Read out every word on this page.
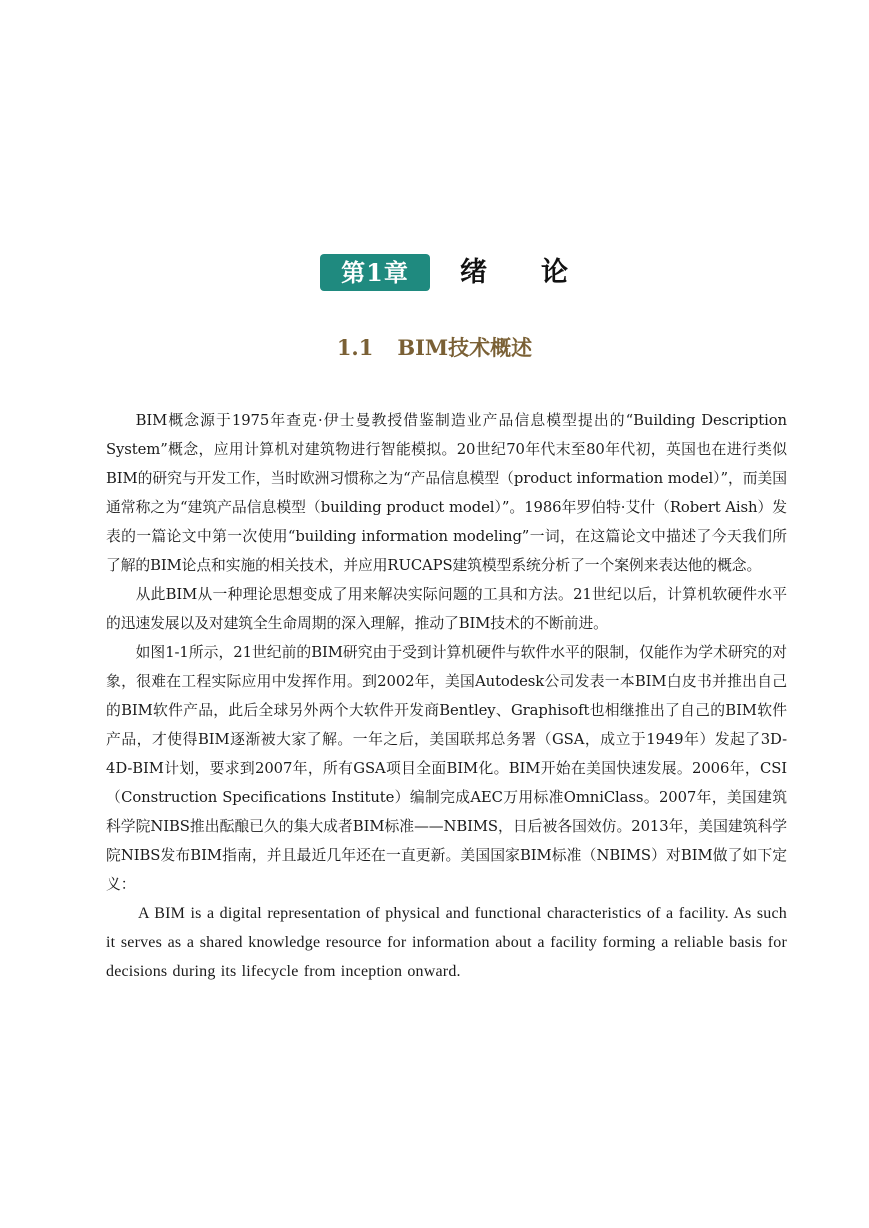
第1章	绪论
1.1 BIM技术概述

BIM概念源于1975年查克·伊士曼教授借鉴制造业产品信息模型提出的“Building Description System”概念，应用计算机对建筑物进行智能模拟。20世纪70年代末至80年代初，英国也在进行类似BIM的研究与开发工作，当时欧洲习惯称之为“产品信息模型（product information model）”，而美国通常称之为“建筑产品信息模型（building product model）”。1986年罗伯特·艾什（Robert Aish）发表的一篇论文中第一次使用“building information modeling”一词，在这篇论文中描述了今天我们所了解的BIM论点和实施的相关技术，并应用RUCAPS建筑模型系统分析了一个案例来表达他的概念。

从此BIM从一种理论思想变成了用来解决实际问题的工具和方法。21世纪以后，计算机软硬件水平的迅速发展以及对建筑全生命周期的深入理解，推动了BIM技术的不断前进。

如图1-1所示，21世纪前的BIM研究由于受到计算机硬件与软件水平的限制，仅能作为学术研究的对象，很难在工程实际应用中发挥作用。到2002年，美国Autodesk公司发表一本BIM白皮书并推出自己的BIM软件产品，此后全球另外两个大软件开发商Bentley、Graphisoft也相继推出了自己的BIM软件产品，才使得BIM逐渐被大家了解。一年之后，美国联邦总务署（GSA，成立于1949年）发起了3D-4D-BIM计划，要求到2007年，所有GSA项目全面BIM化。BIM开始在美国快速发展。2006年，CSI（Construction Specifications Institute）编制完成AEC万用标准OmniClass。2007年，美国建筑科学院NIBS推出酝酿已久的集大成者BIM标准——NBIMS，日后被各国效仿。2013年，美国建筑科学院NIBS发布BIM指南，并且最近几年还在一直更新。美国国家BIM标准（NBIMS）对BIM做了如下定义：

A BIM is a digital representation of physical and functional characteristics of a facility. As such it serves as a shared knowledge resource for information about a facility forming a reliable basis for decisions during its lifecycle from inception onward.
